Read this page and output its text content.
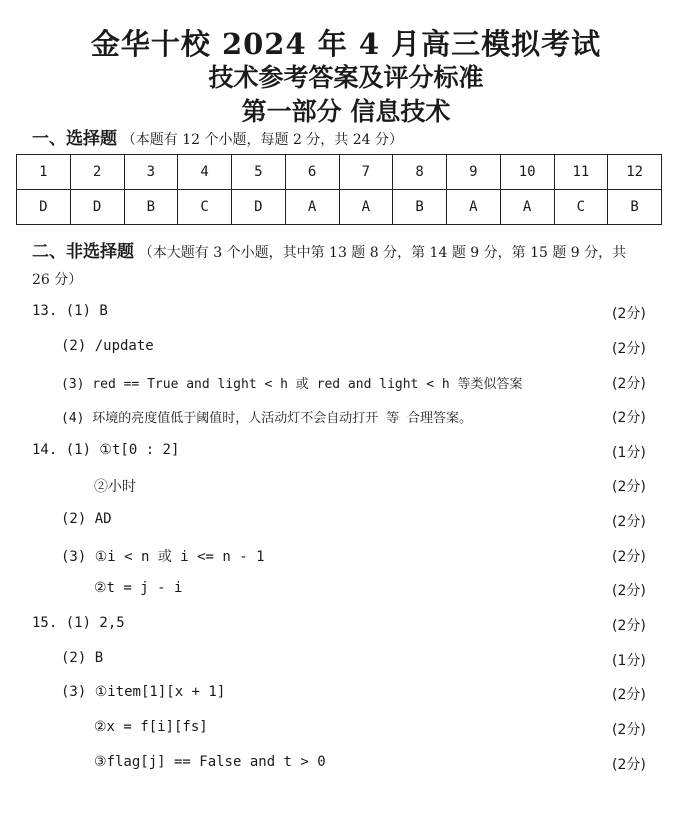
金华十校 2024 年 4 月高三模拟考试
技术参考答案及评分标准
第一部分 信息技术
一、选择题 （本题有 12 个小题，每题 2 分，共 24 分）
1	2	3	4	5	6	7	8	9	10	11	12
D	D	B	C	D	A	A	B	A	A	C	B
二、非选择题 （本大题有 3 个小题，其中第 13 题 8 分，第 14 题 9 分，第 15 题 9 分，共
26 分）
13. (1) B	(2分)
(2) /update	(2分)
(3) red == True and light < h 或 red and light < h 等类似答案	(2分)
(4) 环境的亮度值低于阈值时，人活动灯不会自动打开 等 合理答案。	(2分)
14. (1) ①t[0 : 2]	(1分)
②小时	(2分)
(2) AD	(2分)
(3) ①i < n 或 i <= n - 1	(2分)
②t = j - i	(2分)
15. (1) 2,5	(2分)
(2) B	(1分)
(3) ①item[1][x + 1]	(2分)
②x = f[i][fs]	(2分)
③flag[j] == False and t > 0	(2分)
